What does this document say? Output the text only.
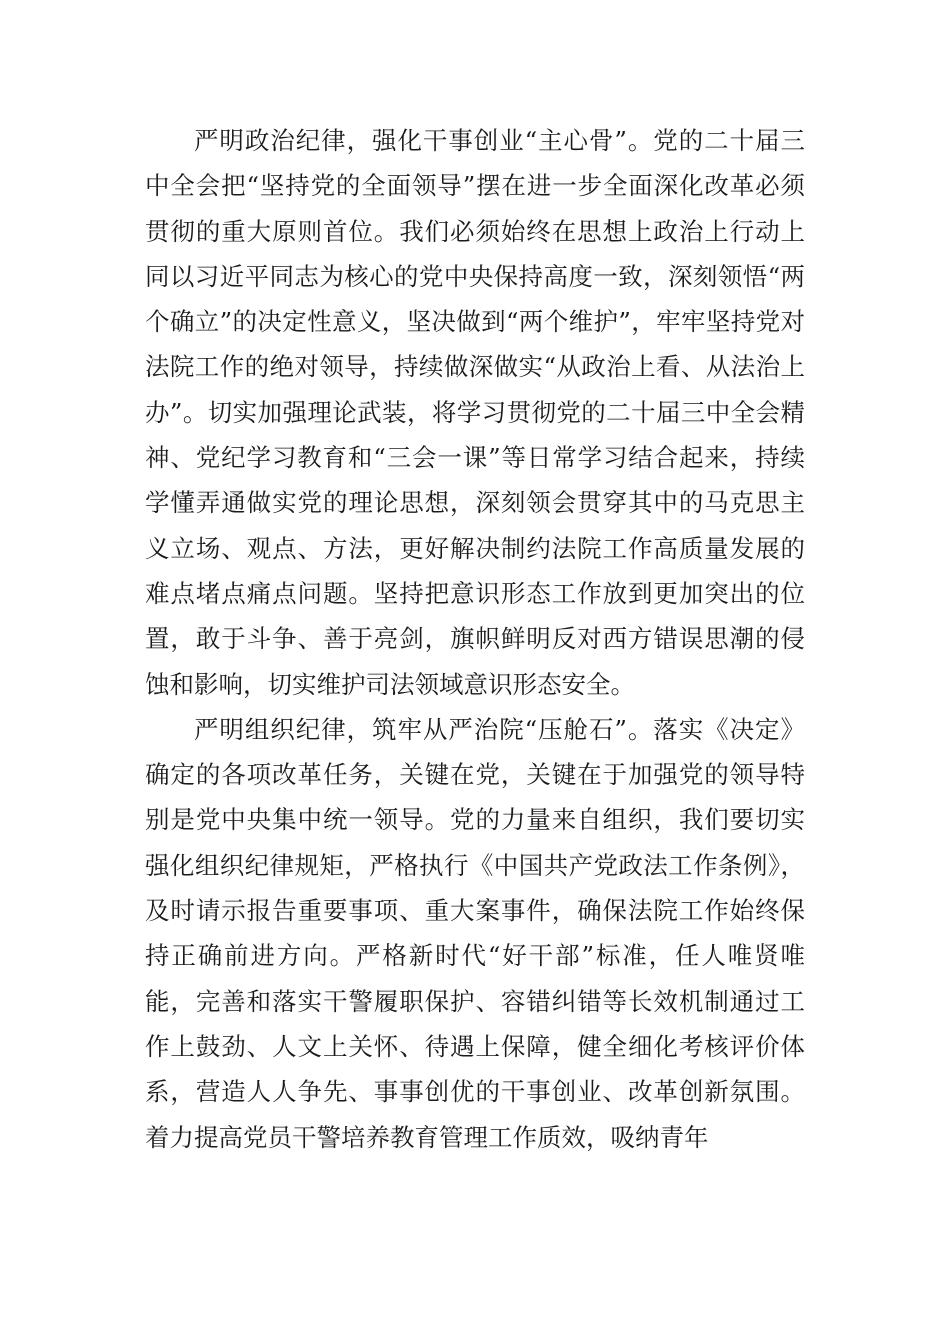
严明政治纪律，强化干事创业“主心骨”。党的二十届三中全会把“坚持党的全面领导”摆在进一步全面深化改革必须贯彻的重大原则首位。我们必须始终在思想上政治上行动上同以习近平同志为核心的党中央保持高度一致，深刻领悟“两个确立”的决定性意义，坚决做到“两个维护”，牢牢坚持党对法院工作的绝对领导，持续做深做实“从政治上看、从法治上办”。切实加强理论武装，将学习贯彻党的二十届三中全会精神、党纪学习教育和“三会一课”等日常学习结合起来，持续学懂弄通做实党的理论思想，深刻领会贯穿其中的马克思主义立场、观点、方法，更好解决制约法院工作高质量发展的难点堵点痛点问题。坚持把意识形态工作放到更加突出的位置，敢于斗争、善于亮剑，旗帜鲜明反对西方错误思潮的侵蚀和影响，切实维护司法领域意识形态安全。

严明组织纪律，筑牢从严治院“压舱石”。落实《决定》确定的各项改革任务，关键在党，关键在于加强党的领导特别是党中央集中统一领导。党的力量来自组织，我们要切实强化组织纪律规矩，严格执行《中国共产党政法工作条例》，及时请示报告重要事项、重大案事件，确保法院工作始终保持正确前进方向。严格新时代“好干部”标准，任人唯贤唯能，完善和落实干警履职保护、容错纠错等长效机制通过工作上鼓劲、人文上关怀、待遇上保障，健全细化考核评价体系，营造人人争先、事事创优的干事创业、改革创新氛围。着力提高党员干警培养教育管理工作质效，吸纳青年
